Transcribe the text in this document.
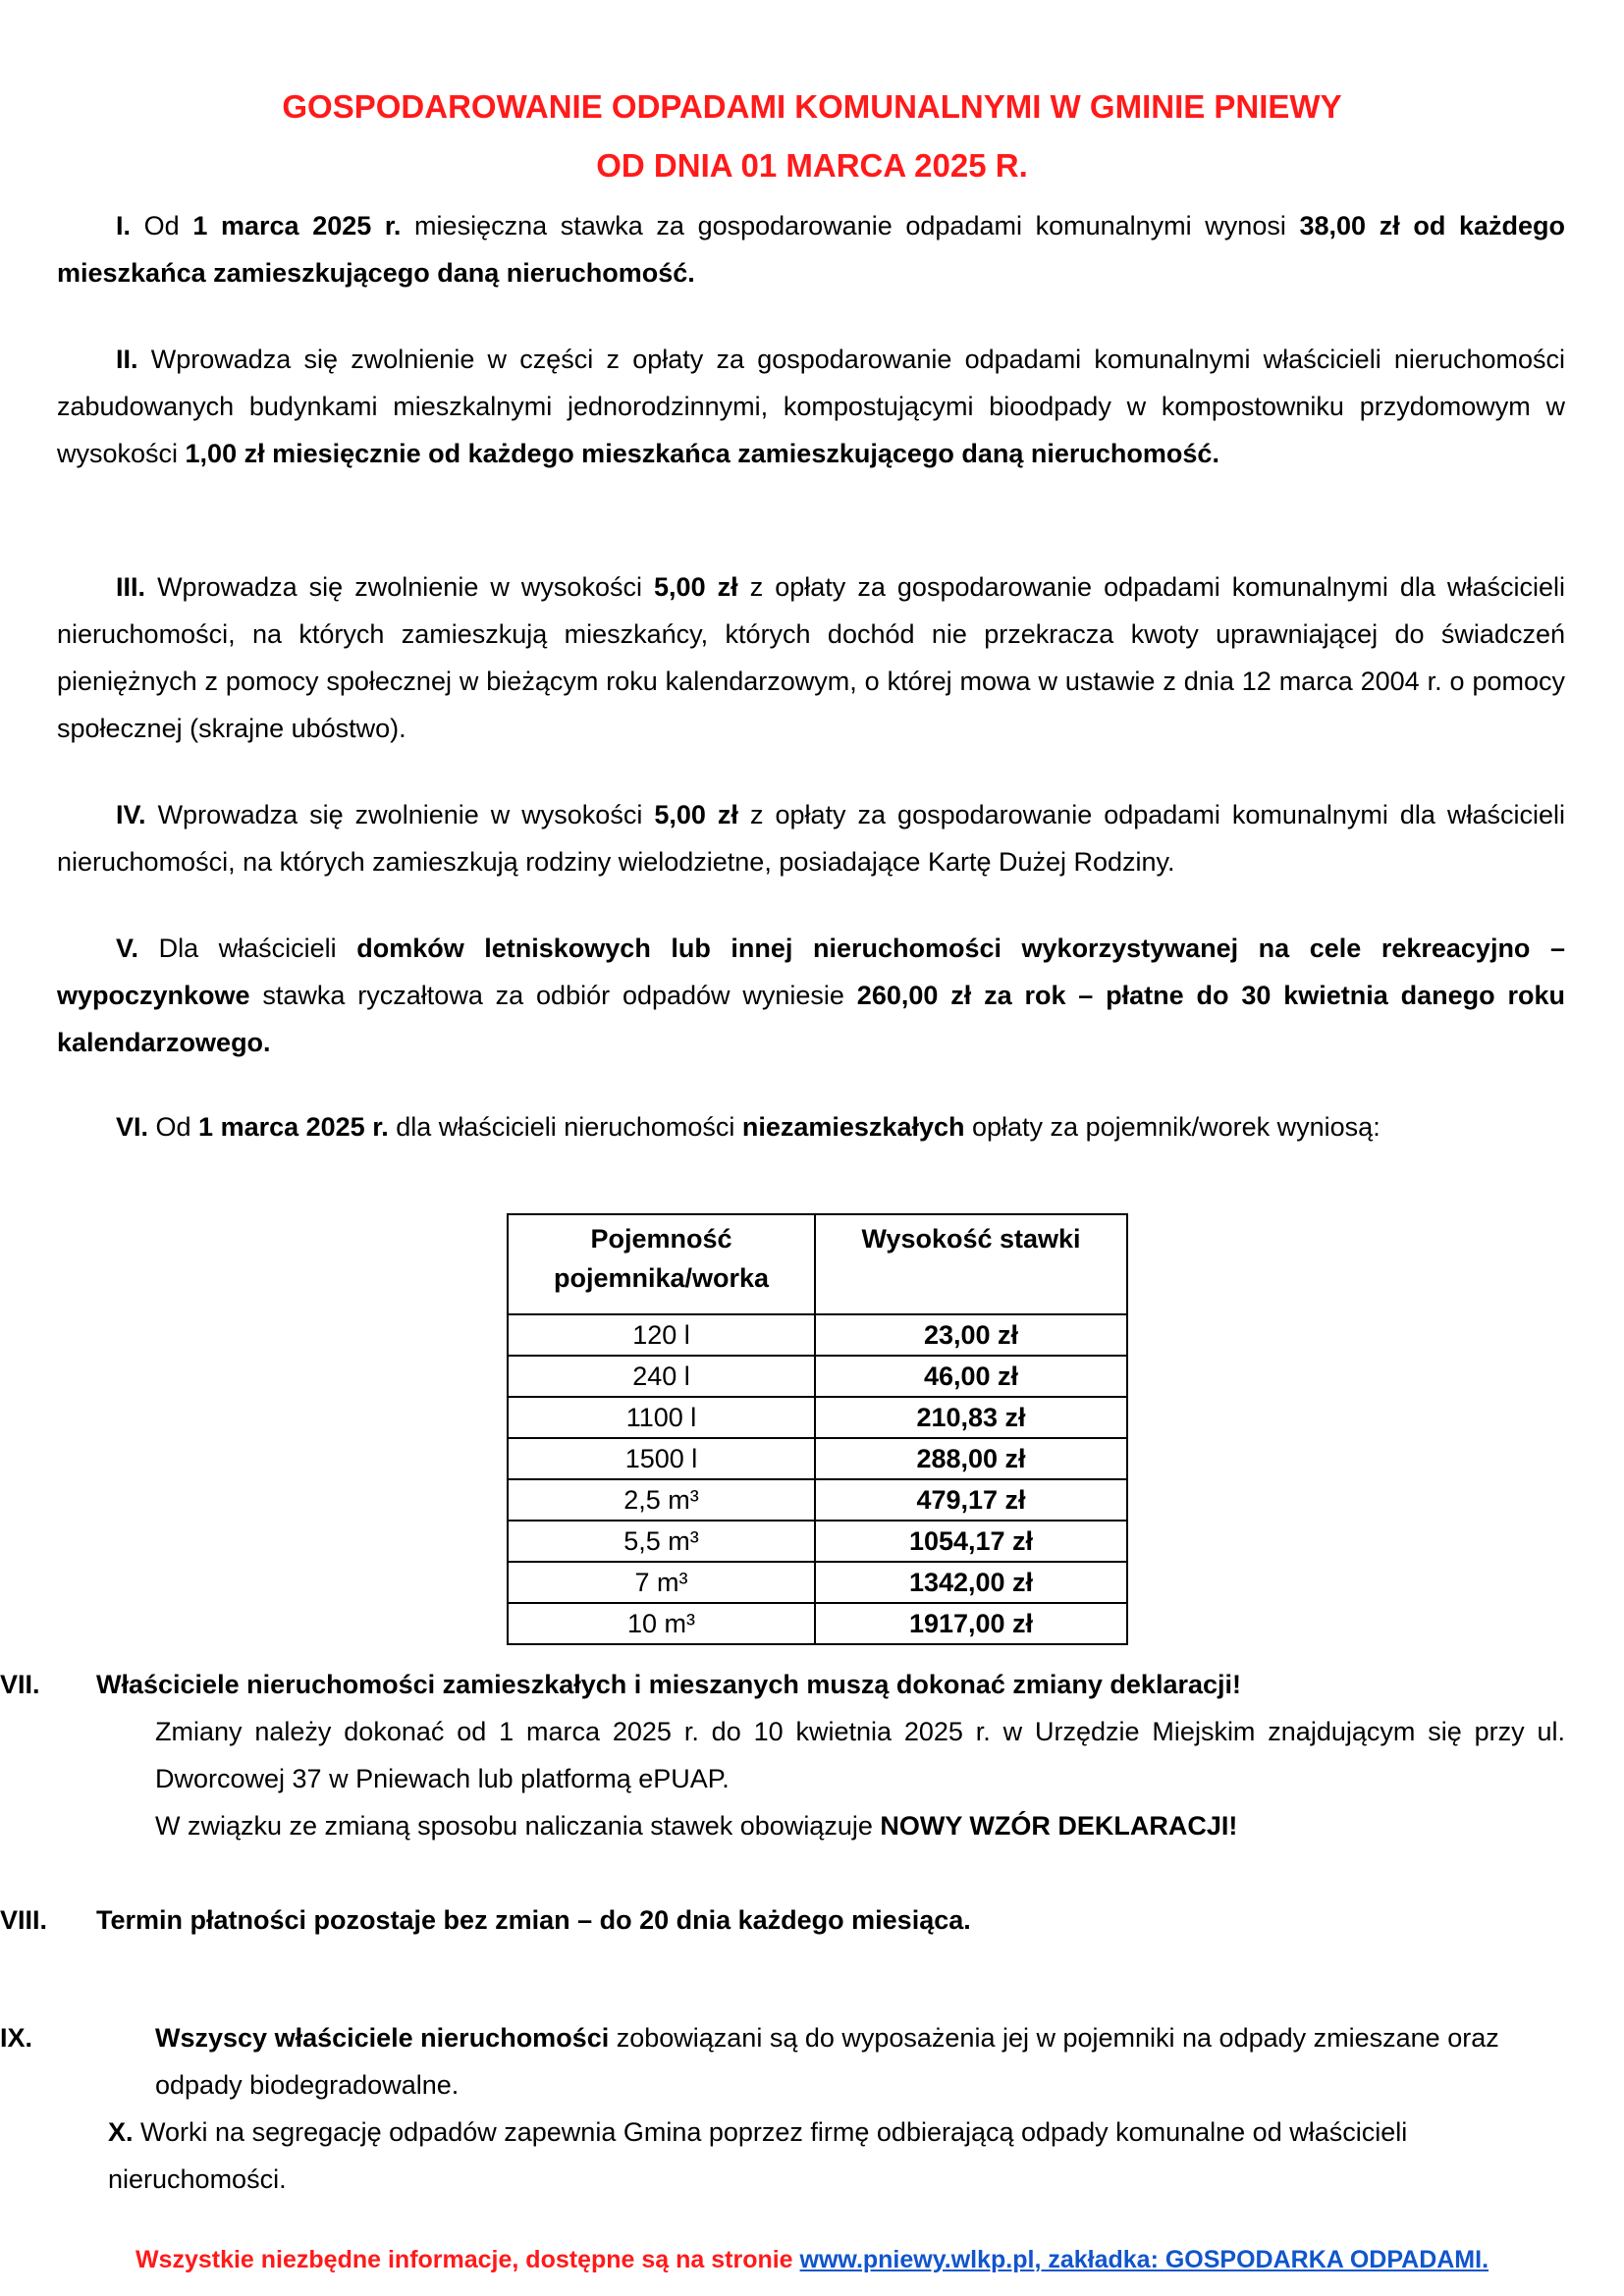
GOSPODAROWANIE ODPADAMI KOMUNALNYMI W GMINIE PNIEWY
OD DNIA 01 MARCA 2025 R.
I. Od 1 marca 2025 r. miesięczna stawka za gospodarowanie odpadami komunalnymi wynosi 38,00 zł od każdego mieszkańca zamieszkującego daną nieruchomość.
II. Wprowadza się zwolnienie w części z opłaty za gospodarowanie odpadami komunalnymi właścicieli nieruchomości zabudowanych budynkami mieszkalnymi jednorodzinnymi, kompostującymi bioodpady w kompostowniku przydomowym w wysokości 1,00 zł miesięcznie od każdego mieszkańca zamieszkującego daną nieruchomość.
III. Wprowadza się zwolnienie w wysokości 5,00 zł z opłaty za gospodarowanie odpadami komunalnymi dla właścicieli nieruchomości, na których zamieszkują mieszkańcy, których dochód nie przekracza kwoty uprawniającej do świadczeń pieniężnych z pomocy społecznej w bieżącym roku kalendarzowym, o której mowa w ustawie z dnia 12 marca 2004 r. o pomocy społecznej (skrajne ubóstwo).
IV. Wprowadza się zwolnienie w wysokości 5,00 zł z opłaty za gospodarowanie odpadami komunalnymi dla właścicieli nieruchomości, na których zamieszkują rodziny wielodzietne, posiadające Kartę Dużej Rodziny.
V. Dla właścicieli domków letniskowych lub innej nieruchomości wykorzystywanej na cele rekreacyjno – wypoczynkowe stawka ryczałtowa za odbiór odpadów wyniesie 260,00 zł za rok – płatne do 30 kwietnia danego roku kalendarzowego.
VI. Od 1 marca 2025 r. dla właścicieli nieruchomości niezamieszkałych opłaty za pojemnik/worek wyniosą:
Pojemność pojemnika/worka	Wysokość stawki
120 l	23,00 zł
240 l	46,00 zł
1100 l	210,83 zł
1500 l	288,00 zł
2,5 m³	479,17 zł
5,5 m³	1054,17 zł
7 m³	1342,00 zł
10 m³	1917,00 zł
VII.	Właściciele nieruchomości zamieszkałych i mieszanych muszą dokonać zmiany deklaracji!
Zmiany należy dokonać od 1 marca 2025 r. do 10 kwietnia 2025 r. w Urzędzie Miejskim znajdującym się przy ul. Dworcowej 37 w Pniewach lub platformą ePUAP.
W związku ze zmianą sposobu naliczania stawek obowiązuje NOWY WZÓR DEKLARACJI!
VIII.	Termin płatności pozostaje bez zmian – do 20 dnia każdego miesiąca.
IX.	Wszyscy właściciele nieruchomości zobowiązani są do wyposażenia jej w pojemniki na odpady zmieszane oraz odpady biodegradowalne.
X. Worki na segregację odpadów zapewnia Gmina poprzez firmę odbierającą odpady komunalne od właścicieli nieruchomości.
Wszystkie niezbędne informacje, dostępne są na stronie www.pniewy.wlkp.pl, zakładka: GOSPODARKA ODPADAMI.
